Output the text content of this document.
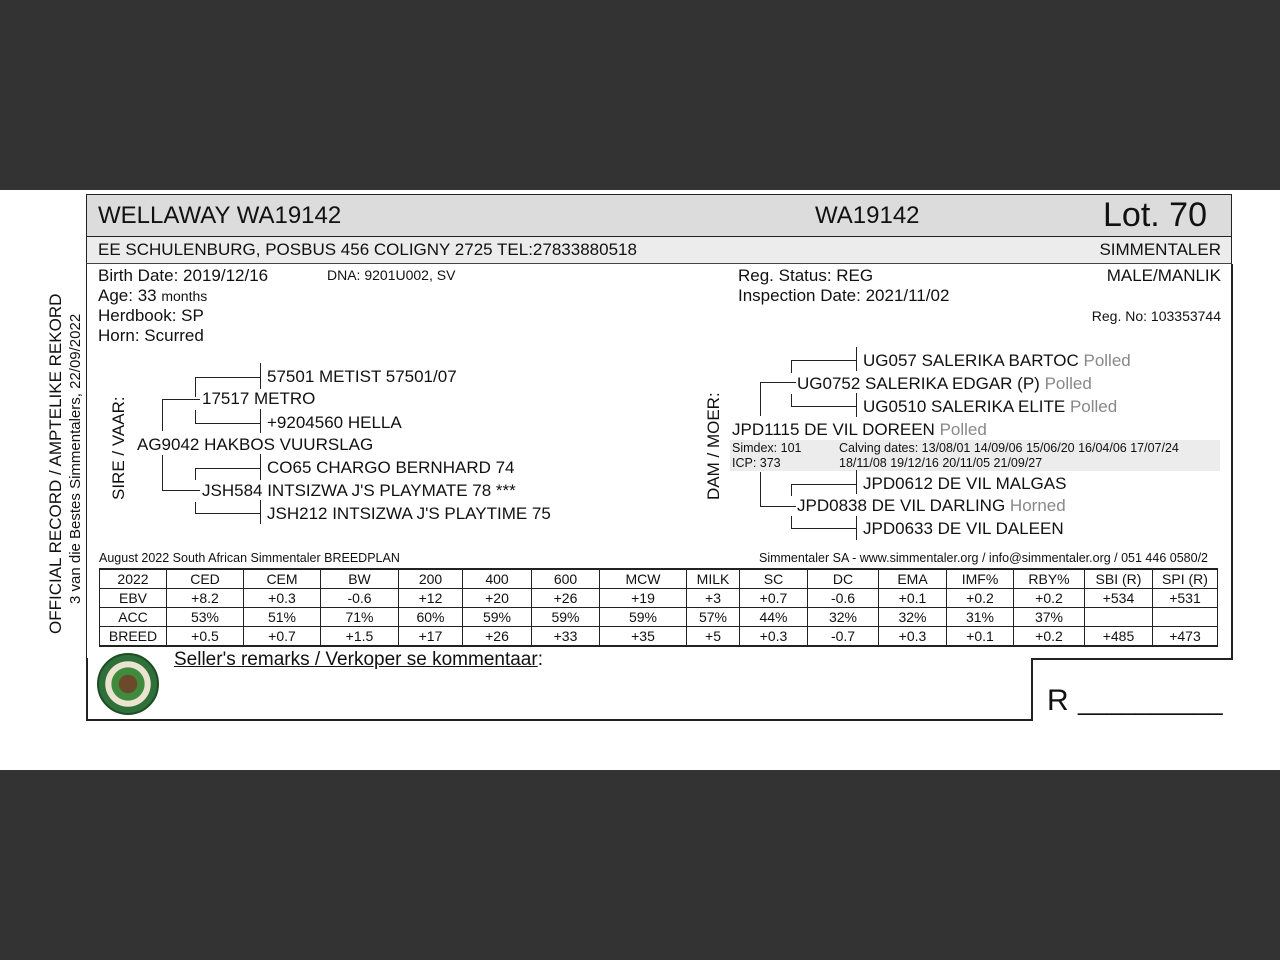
WELLAWAY WA19142	WA19142	Lot. 70
EE SCHULENBURG, POSBUS 456 COLIGNY 2725 TEL:27833880518	SIMMENTALER
OFFICIAL RECORD / AMPTELIKE REKORD 3 van die Bestes Simmentalers, 22/09/2022
Birth Date: 2019/12/16	DNA: 9201U002, SV
Age: 33 months
Herdbook: SP
Horn: Scurred
Reg. Status: REG
Inspection Date: 2021/11/02
MALE/MANLIK
Reg. No: 103353744
SIRE / VAAR: AG9042 HAKBOS VUURSLAG
17517 METRO
57501 METIST 57501/07
+9204560 HELLA
JSH584 INTSIZWA J'S PLAYMATE 78 ***
CO65 CHARGO BERNHARD 74
JSH212 INTSIZWA J'S PLAYTIME 75
DAM / MOER: JPD1115 DE VIL DOREEN Polled
UG0752 SALERIKA EDGAR (P) Polled
UG057 SALERIKA BARTOC Polled
UG0510 SALERIKA ELITE Polled
JPD0838 DE VIL DARLING Horned
JPD0612 DE VIL MALGAS
JPD0633 DE VIL DALEEN
Simdex: 101
ICP: 373
Calving dates: 13/08/01 14/09/06 15/06/20 16/04/06 17/07/24
18/11/08 19/12/16 20/11/05 21/09/27
August 2022 South African Simmentaler BREEDPLAN	Simmentaler SA - www.simmentaler.org / info@simmentaler.org / 051 446 0580/2
2022	CED	CEM	BW	200	400	600	MCW	MILK	SC	DC	EMA	IMF%	RBY%	SBI (R)	SPI (R)
EBV	+8.2	+0.3	-0.6	+12	+20	+26	+19	+3	+0.7	-0.6	+0.1	+0.2	+0.2	+534	+531
ACC	53%	51%	71%	60%	59%	59%	59%	57%	44%	32%	32%	31%	37%		
BREED	+0.5	+0.7	+1.5	+17	+26	+33	+35	+5	+0.3	-0.7	+0.3	+0.1	+0.2	+485	+473
Seller's remarks / Verkoper se kommentaar:
R __________
